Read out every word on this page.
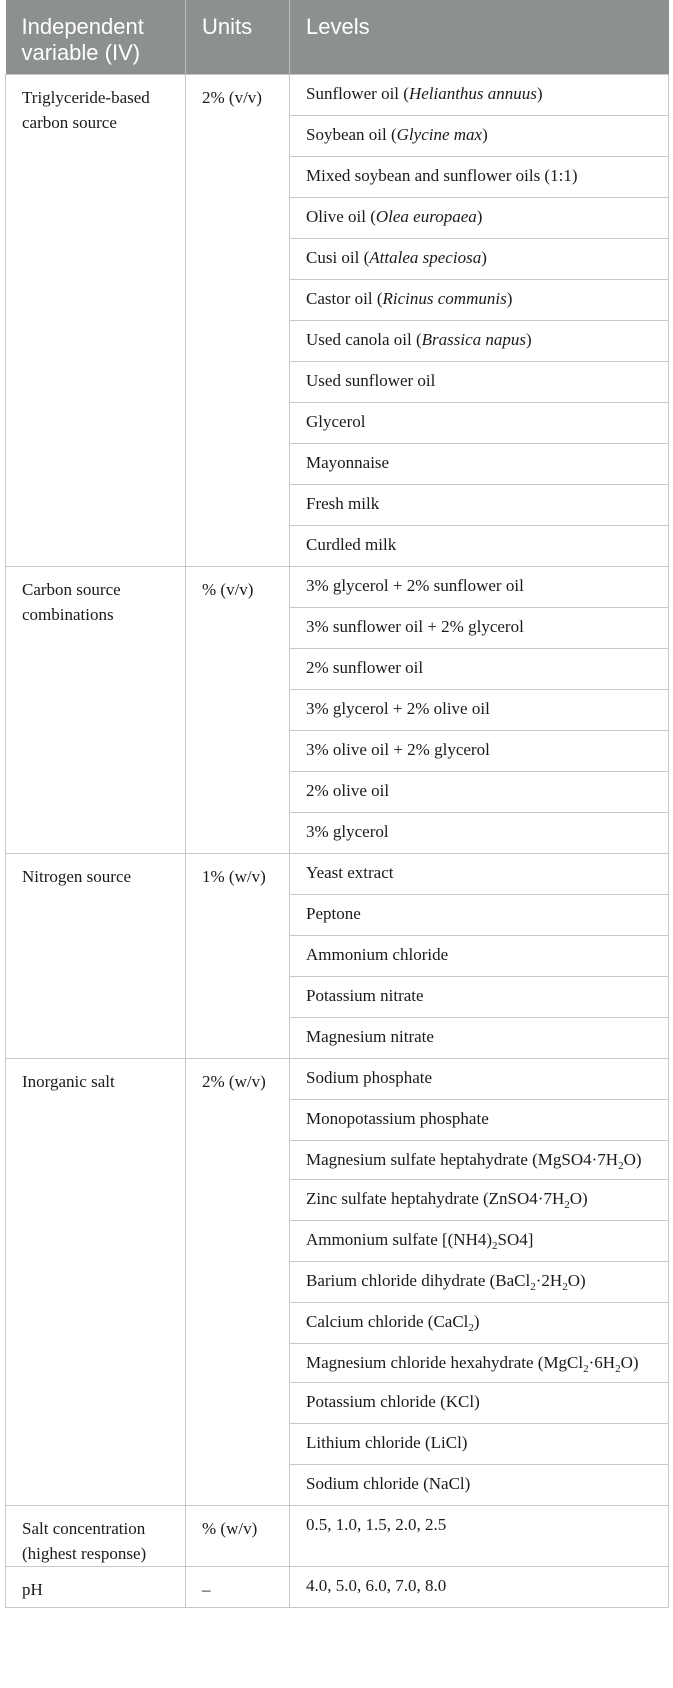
Independent variable (IV)	Units	Levels
Triglyceride-based carbon source	2% (v/v)	Sunflower oil (Helianthus annuus)
		Soybean oil (Glycine max)
		Mixed soybean and sunflower oils (1:1)
		Olive oil (Olea europaea)
		Cusi oil (Attalea speciosa)
		Castor oil (Ricinus communis)
		Used canola oil (Brassica napus)
		Used sunflower oil
		Glycerol
		Mayonnaise
		Fresh milk
		Curdled milk
Carbon source combinations	% (v/v)	3% glycerol + 2% sunflower oil
		3% sunflower oil + 2% glycerol
		2% sunflower oil
		3% glycerol + 2% olive oil
		3% olive oil + 2% glycerol
		2% olive oil
		3% glycerol
Nitrogen source	1% (w/v)	Yeast extract
		Peptone
		Ammonium chloride
		Potassium nitrate
		Magnesium nitrate
Inorganic salt	2% (w/v)	Sodium phosphate
		Monopotassium phosphate
		Magnesium sulfate heptahydrate $(MgSO4\cdot 7H_2O)$
		Zinc sulfate heptahydrate $(ZnSO4\cdot 7H_2O)$
		Ammonium sulfate $[(NH4)_2SO4]$
		Barium chloride dihydrate $(BaCl_2\cdot 2H_2O)$
		Calcium chloride (CaCl$_2$)
		Magnesium chloride hexahydrate $(MgCl_2\cdot 6H_2O)$
		Potassium chloride (KCl)
		Lithium chloride (LiCl)
		Sodium chloride (NaCl)
Salt concentration (highest response)	% (w/v)	0.5, 1.0, 1.5, 2.0, 2.5
pH	–	4.0, 5.0, 6.0, 7.0, 8.0
